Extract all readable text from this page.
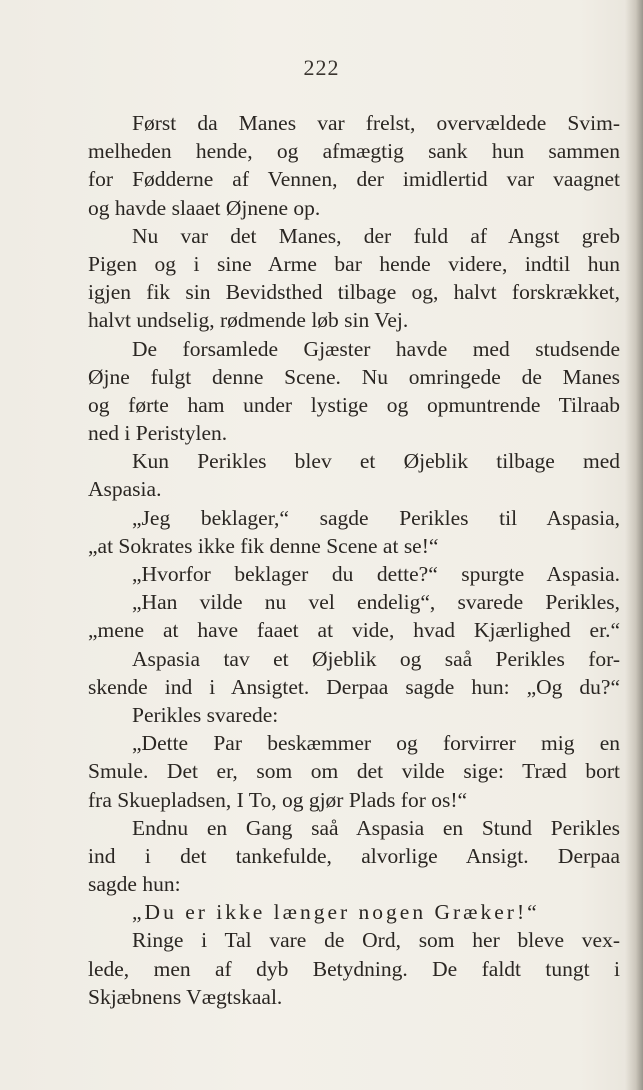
222
Først da Manes var frelst, overvældede Svim-
melheden hende, og afmægtig sank hun sammen
for Fødderne af Vennen, der imidlertid var vaagnet
og havde slaaet Øjnene op.
Nu var det Manes, der fuld af Angst greb
Pigen og i sine Arme bar hende videre, indtil hun
igjen fik sin Bevidsthed tilbage og, halvt forskrækket,
halvt undselig, rødmende løb sin Vej.
De forsamlede Gjæster havde med studsende
Øjne fulgt denne Scene. Nu omringede de Manes
og førte ham under lystige og opmuntrende Tilraab
ned i Peristylen.
Kun Perikles blev et Øjeblik tilbage med
Aspasia.
„Jeg beklager,“ sagde Perikles til Aspasia,
„at Sokrates ikke fik denne Scene at se!“
„Hvorfor beklager du dette?“ spurgte Aspasia.
„Han vilde nu vel endelig“, svarede Perikles,
„mene at have faaet at vide, hvad Kjærlighed er.“
Aspasia tav et Øjeblik og saå Perikles for-
skende ind i Ansigtet. Derpaa sagde hun: „Og du?“
Perikles svarede:
„Dette Par beskæmmer og forvirrer mig en
Smule. Det er, som om det vilde sige: Træd bort
fra Skuepladsen, I To, og gjør Plads for os!“
Endnu en Gang saå Aspasia en Stund Perikles
ind i det tankefulde, alvorlige Ansigt. Derpaa
sagde hun:
„Du er ikke længer nogen Græker!“
Ringe i Tal vare de Ord, som her bleve vex-
lede, men af dyb Betydning. De faldt tungt i
Skjæbnens Vægtskaal.
